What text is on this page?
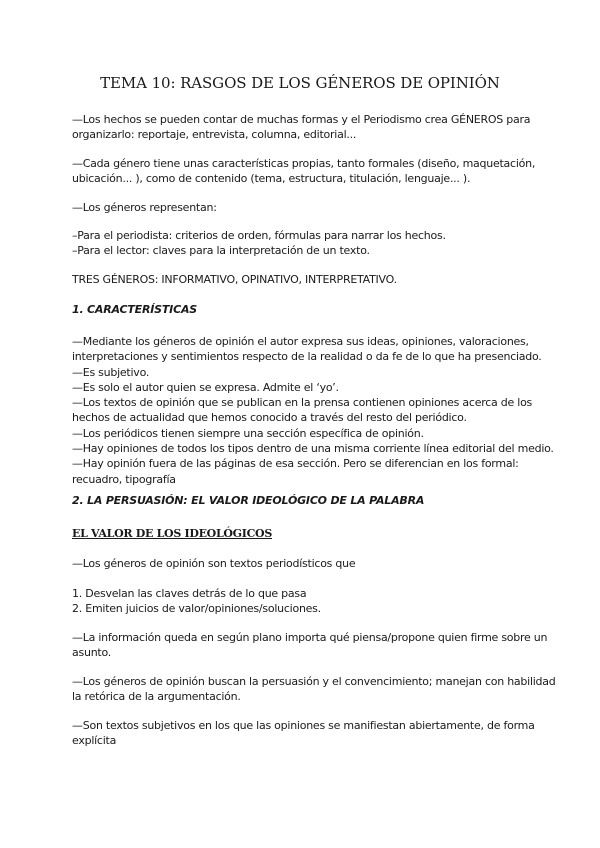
TEMA 10: RASGOS DE LOS GÉNEROS DE OPINIÓN

—Los hechos se pueden contar de muchas formas y el Periodismo crea GÉNEROS para
organizarlo: reportaje, entrevista, columna, editorial...

—Cada género tiene unas características propias, tanto formales (diseño, maquetación,
ubicación... ), como de contenido (tema, estructura, titulación, lenguaje... ).

—Los géneros representan:

–Para el periodista: criterios de orden, fórmulas para narrar los hechos.
–Para el lector: claves para la interpretación de un texto.

TRES GÉNEROS: INFORMATIVO, OPINATIVO, INTERPRETATIVO.

1. CARACTERÍSTICAS

—Mediante los géneros de opinión el autor expresa sus ideas, opiniones, valoraciones,
interpretaciones y sentimientos respecto de la realidad o da fe de lo que ha presenciado.
—Es subjetivo.
—Es solo el autor quien se expresa. Admite el ‘yo’.
—Los textos de opinión que se publican en la prensa contienen opiniones acerca de los
hechos de actualidad que hemos conocido a través del resto del periódico.
—Los periódicos tienen siempre una sección específica de opinión.
—Hay opiniones de todos los tipos dentro de una misma corriente línea editorial del medio.
—Hay opinión fuera de las páginas de esa sección. Pero se diferencian en los formal:
recuadro, tipografía

2. LA PERSUASIÓN: EL VALOR IDEOLÓGICO DE LA PALABRA
EL VALOR DE LOS IDEOLÓGICOS

—Los géneros de opinión son textos periodísticos que

1. Desvelan las claves detrás de lo que pasa
2. Emiten juicios de valor/opiniones/soluciones.

—La información queda en según plano importa qué piensa/propone quien firme sobre un
asunto.

—Los géneros de opinión buscan la persuasión y el convencimiento; manejan con habilidad
la retórica de la argumentación.

—Son textos subjetivos en los que las opiniones se manifiestan abiertamente, de forma
explícita
